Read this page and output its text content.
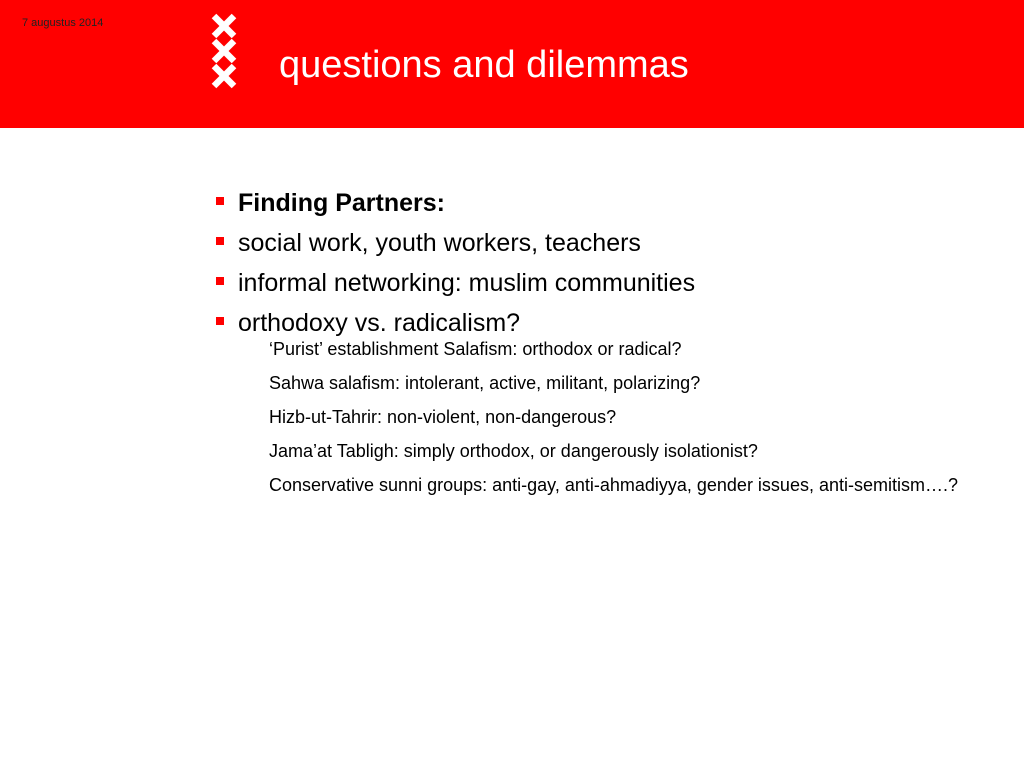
7 augustus 2014
questions and dilemmas
Finding Partners:
social work, youth workers, teachers
informal networking: muslim communities
orthodoxy vs. radicalism?
‘Purist’ establishment Salafism: orthodox or radical?
Sahwa salafism: intolerant, active, militant, polarizing?
Hizb-ut-Tahrir: non-violent, non-dangerous?
Jama’at Tabligh: simply orthodox, or dangerously isolationist?
Conservative sunni groups: anti-gay, anti-ahmadiyya, gender issues, anti-semitism….?
